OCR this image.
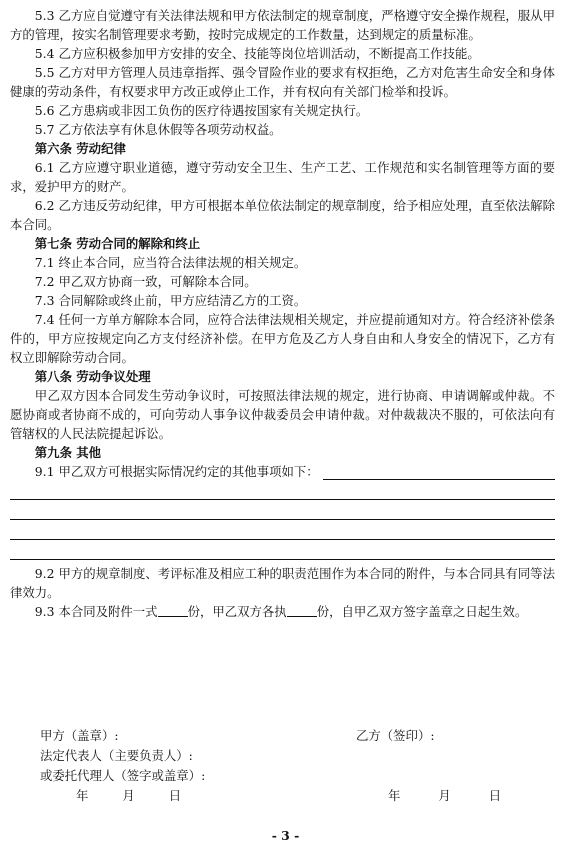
5.3 乙方应自觉遵守有关法律法规和甲方依法制定的规章制度，严格遵守安全操作规程，服从甲方的管理，按实名制管理要求考勤，按时完成规定的工作数量，达到规定的质量标准。

5.4 乙方应积极参加甲方安排的安全、技能等岗位培训活动，不断提高工作技能。

5.5 乙方对甲方管理人员违章指挥、强令冒险作业的要求有权拒绝，乙方对危害生命安全和身体健康的劳动条件，有权要求甲方改正或停止工作，并有权向有关部门检举和投诉。

5.6 乙方患病或非因工负伤的医疗待遇按国家有关规定执行。

5.7 乙方依法享有休息休假等各项劳动权益。

第六条 劳动纪律

6.1 乙方应遵守职业道德，遵守劳动安全卫生、生产工艺、工作规范和实名制管理等方面的要求，爱护甲方的财产。

6.2 乙方违反劳动纪律，甲方可根据本单位依法制定的规章制度，给予相应处理，直至依法解除本合同。

第七条 劳动合同的解除和终止

7.1 终止本合同，应当符合法律法规的相关规定。

7.2 甲乙双方协商一致，可解除本合同。

7.3 合同解除或终止前，甲方应结清乙方的工资。

7.4 任何一方单方解除本合同，应符合法律法规相关规定，并应提前通知对方。符合经济补偿条件的，甲方应按规定向乙方支付经济补偿。在甲方危及乙方人身自由和人身安全的情况下，乙方有权立即解除劳动合同。

第八条 劳动争议处理

甲乙双方因本合同发生劳动争议时，可按照法律法规的规定，进行协商、申请调解或仲裁。不愿协商或者协商不成的，可向劳动人事争议仲裁委员会申请仲裁。对仲裁裁决不服的，可依法向有管辖权的人民法院提起诉讼。

第九条 其他

9.1 甲乙双方可根据实际情况约定的其他事项如下：

9.2 甲方的规章制度、考评标准及相应工种的职责范围作为本合同的附件，与本合同具有同等法律效力。

9.3 本合同及附件一式 份，甲乙双方各执 份，自甲乙双方签字盖章之日起生效。

甲方（盖章）:	乙方（签印）:
法定代表人（主要负责人）:
或委托代理人（签字或盖章）:
年	月	日	年	月	日
- 3 -
